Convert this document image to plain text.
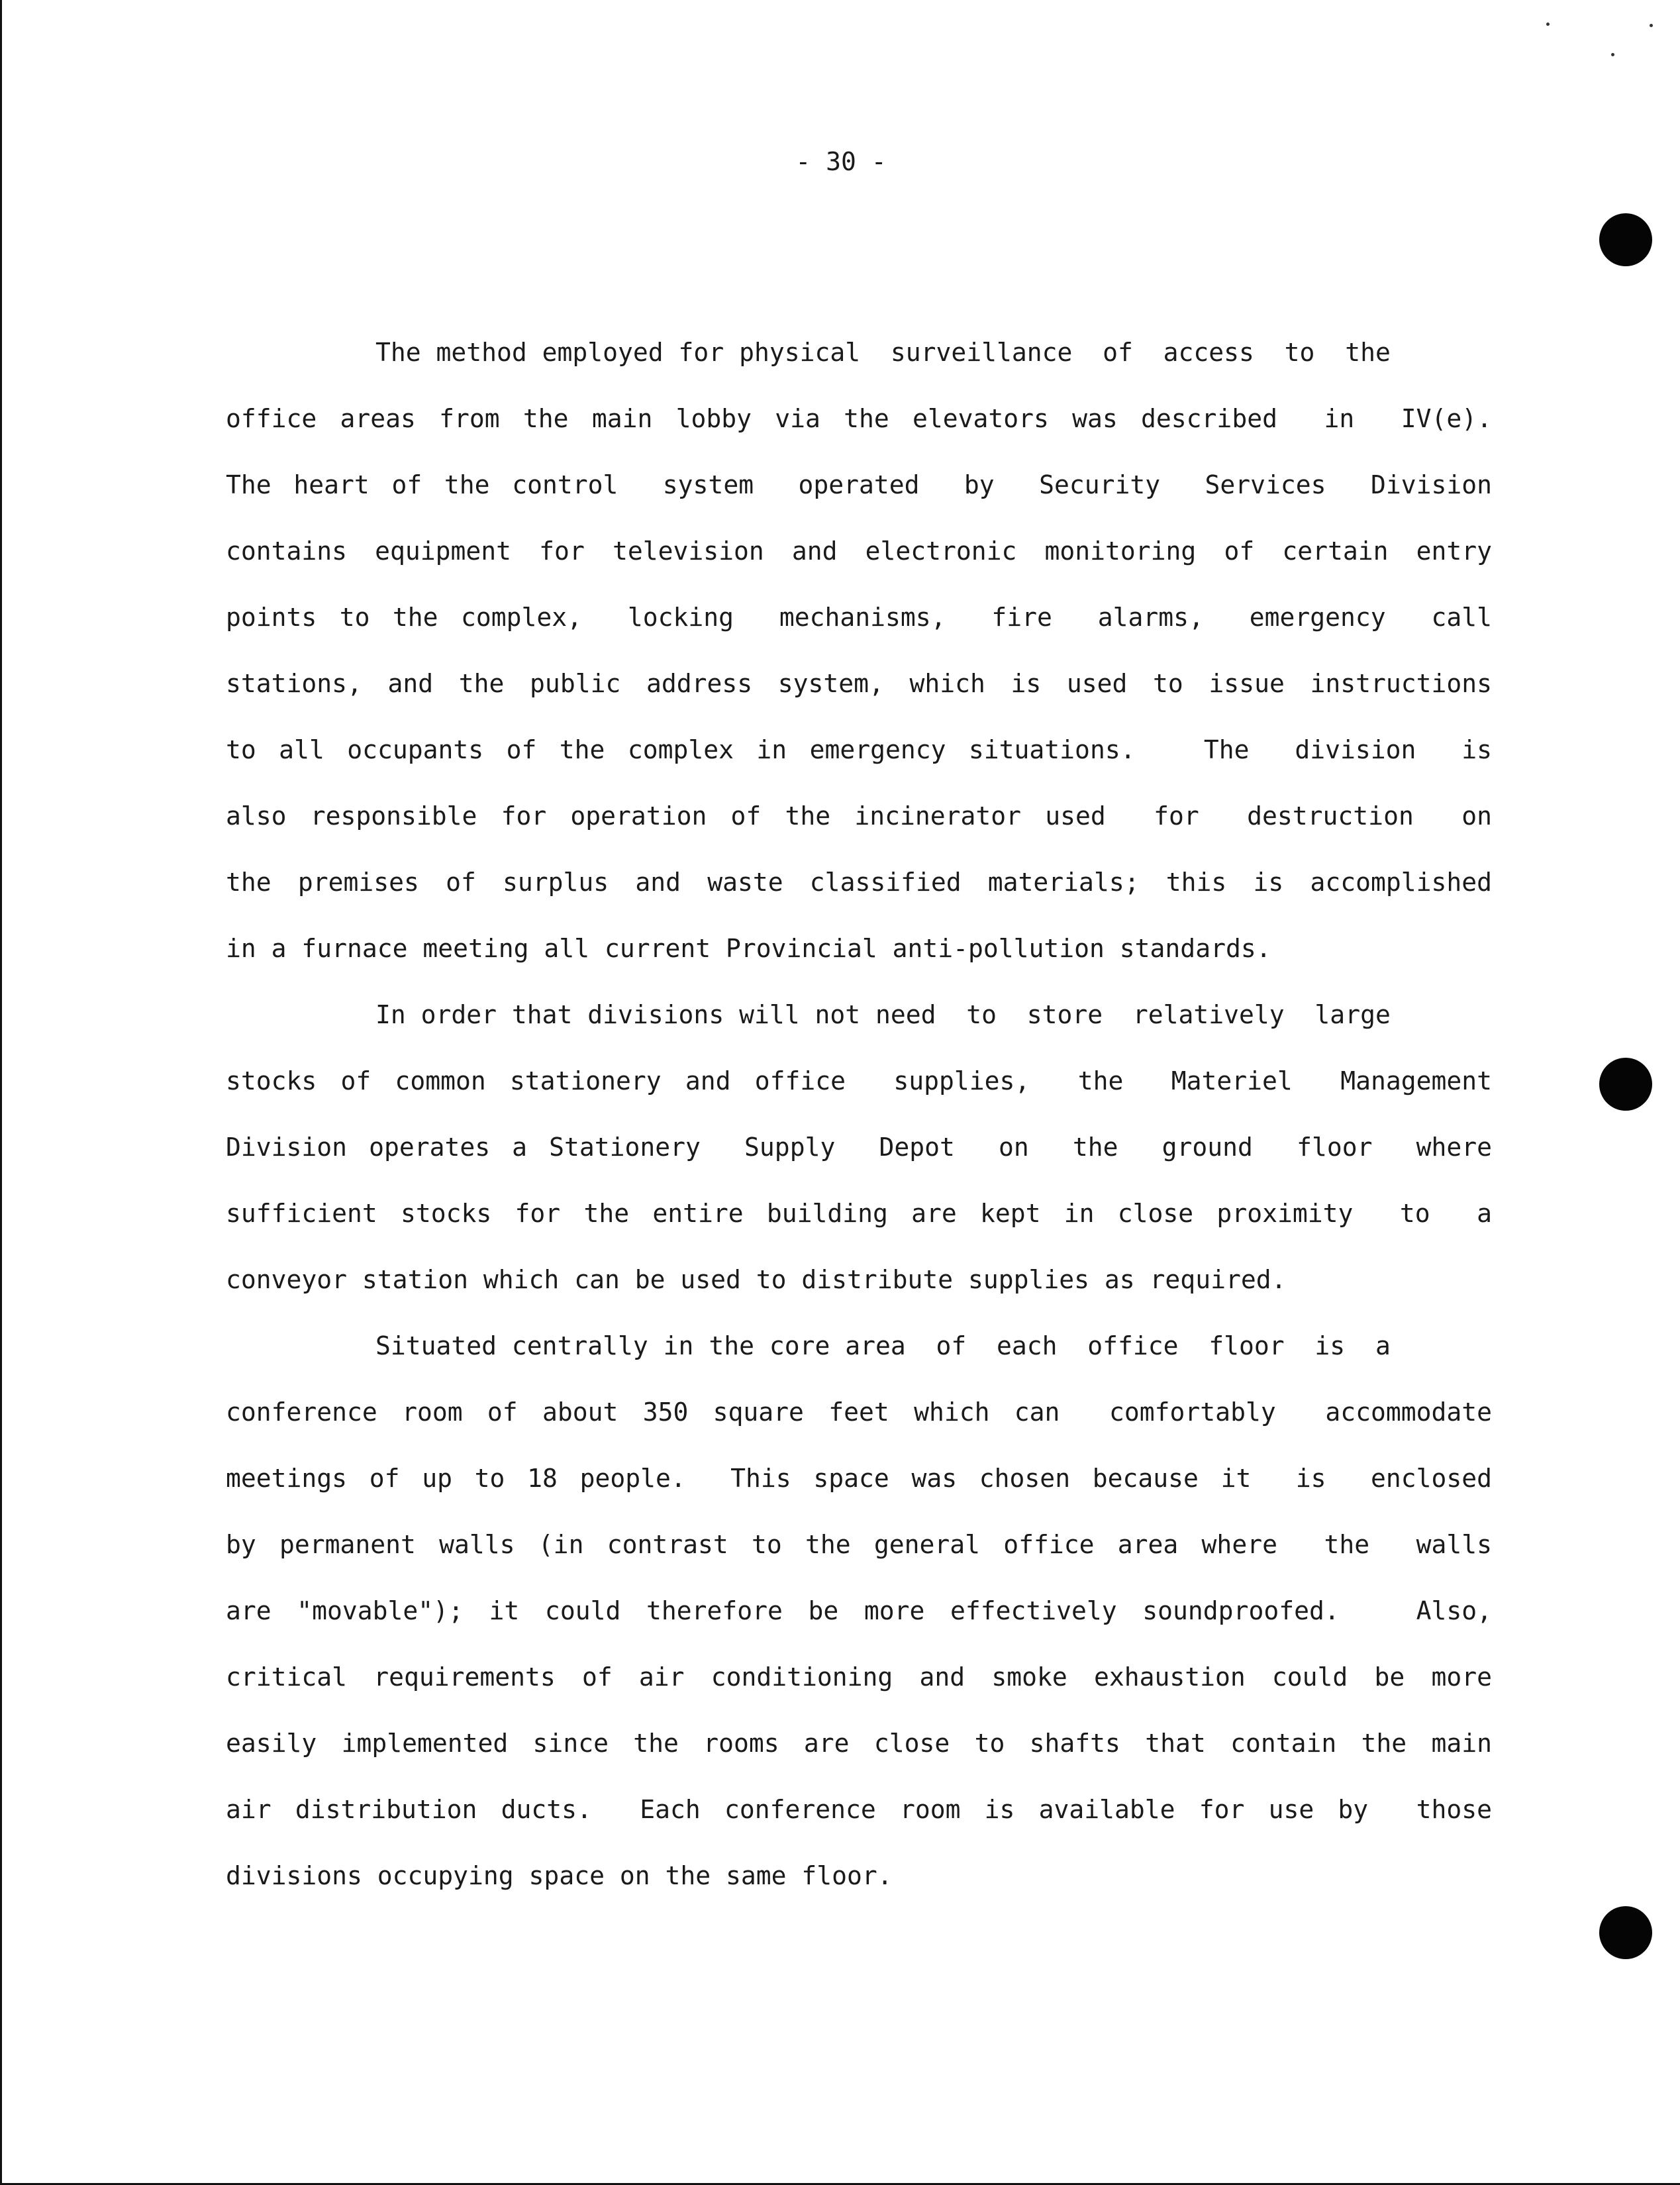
- 30 -
The method employed for physical  surveillance  of  access  to  the
office areas from the main lobby via the elevators was described  in  IV(e).
The heart of the control  system  operated  by  Security  Services  Division
contains equipment for television and electronic monitoring of certain entry
points to the complex,  locking  mechanisms,  fire  alarms,  emergency  call
stations, and the public address system, which is used to issue instructions
to all occupants of the complex in emergency situations.   The  division  is
also responsible for operation of the incinerator used  for  destruction  on
the premises of surplus and waste classified materials; this is accomplished
in a furnace meeting all current Provincial anti-pollution standards.
In order that divisions will not need  to  store  relatively  large
stocks of common stationery and office  supplies,  the  Materiel  Management
Division operates a Stationery  Supply  Depot  on  the  ground  floor  where
sufficient stocks for the entire building are kept in close proximity  to  a
conveyor station which can be used to distribute supplies as required.
Situated centrally in the core area  of  each  office  floor  is  a
conference room of about 350 square feet which can  comfortably  accommodate
meetings of up to 18 people.  This space was chosen because it  is  enclosed
by permanent walls (in contrast to the general office area where  the  walls
are "movable"); it could therefore be more effectively soundproofed.   Also,
critical requirements of air conditioning and smoke exhaustion could be more
easily implemented since the rooms are close to shafts that contain the main
air distribution ducts.  Each conference room is available for use by  those
divisions occupying space on the same floor.
